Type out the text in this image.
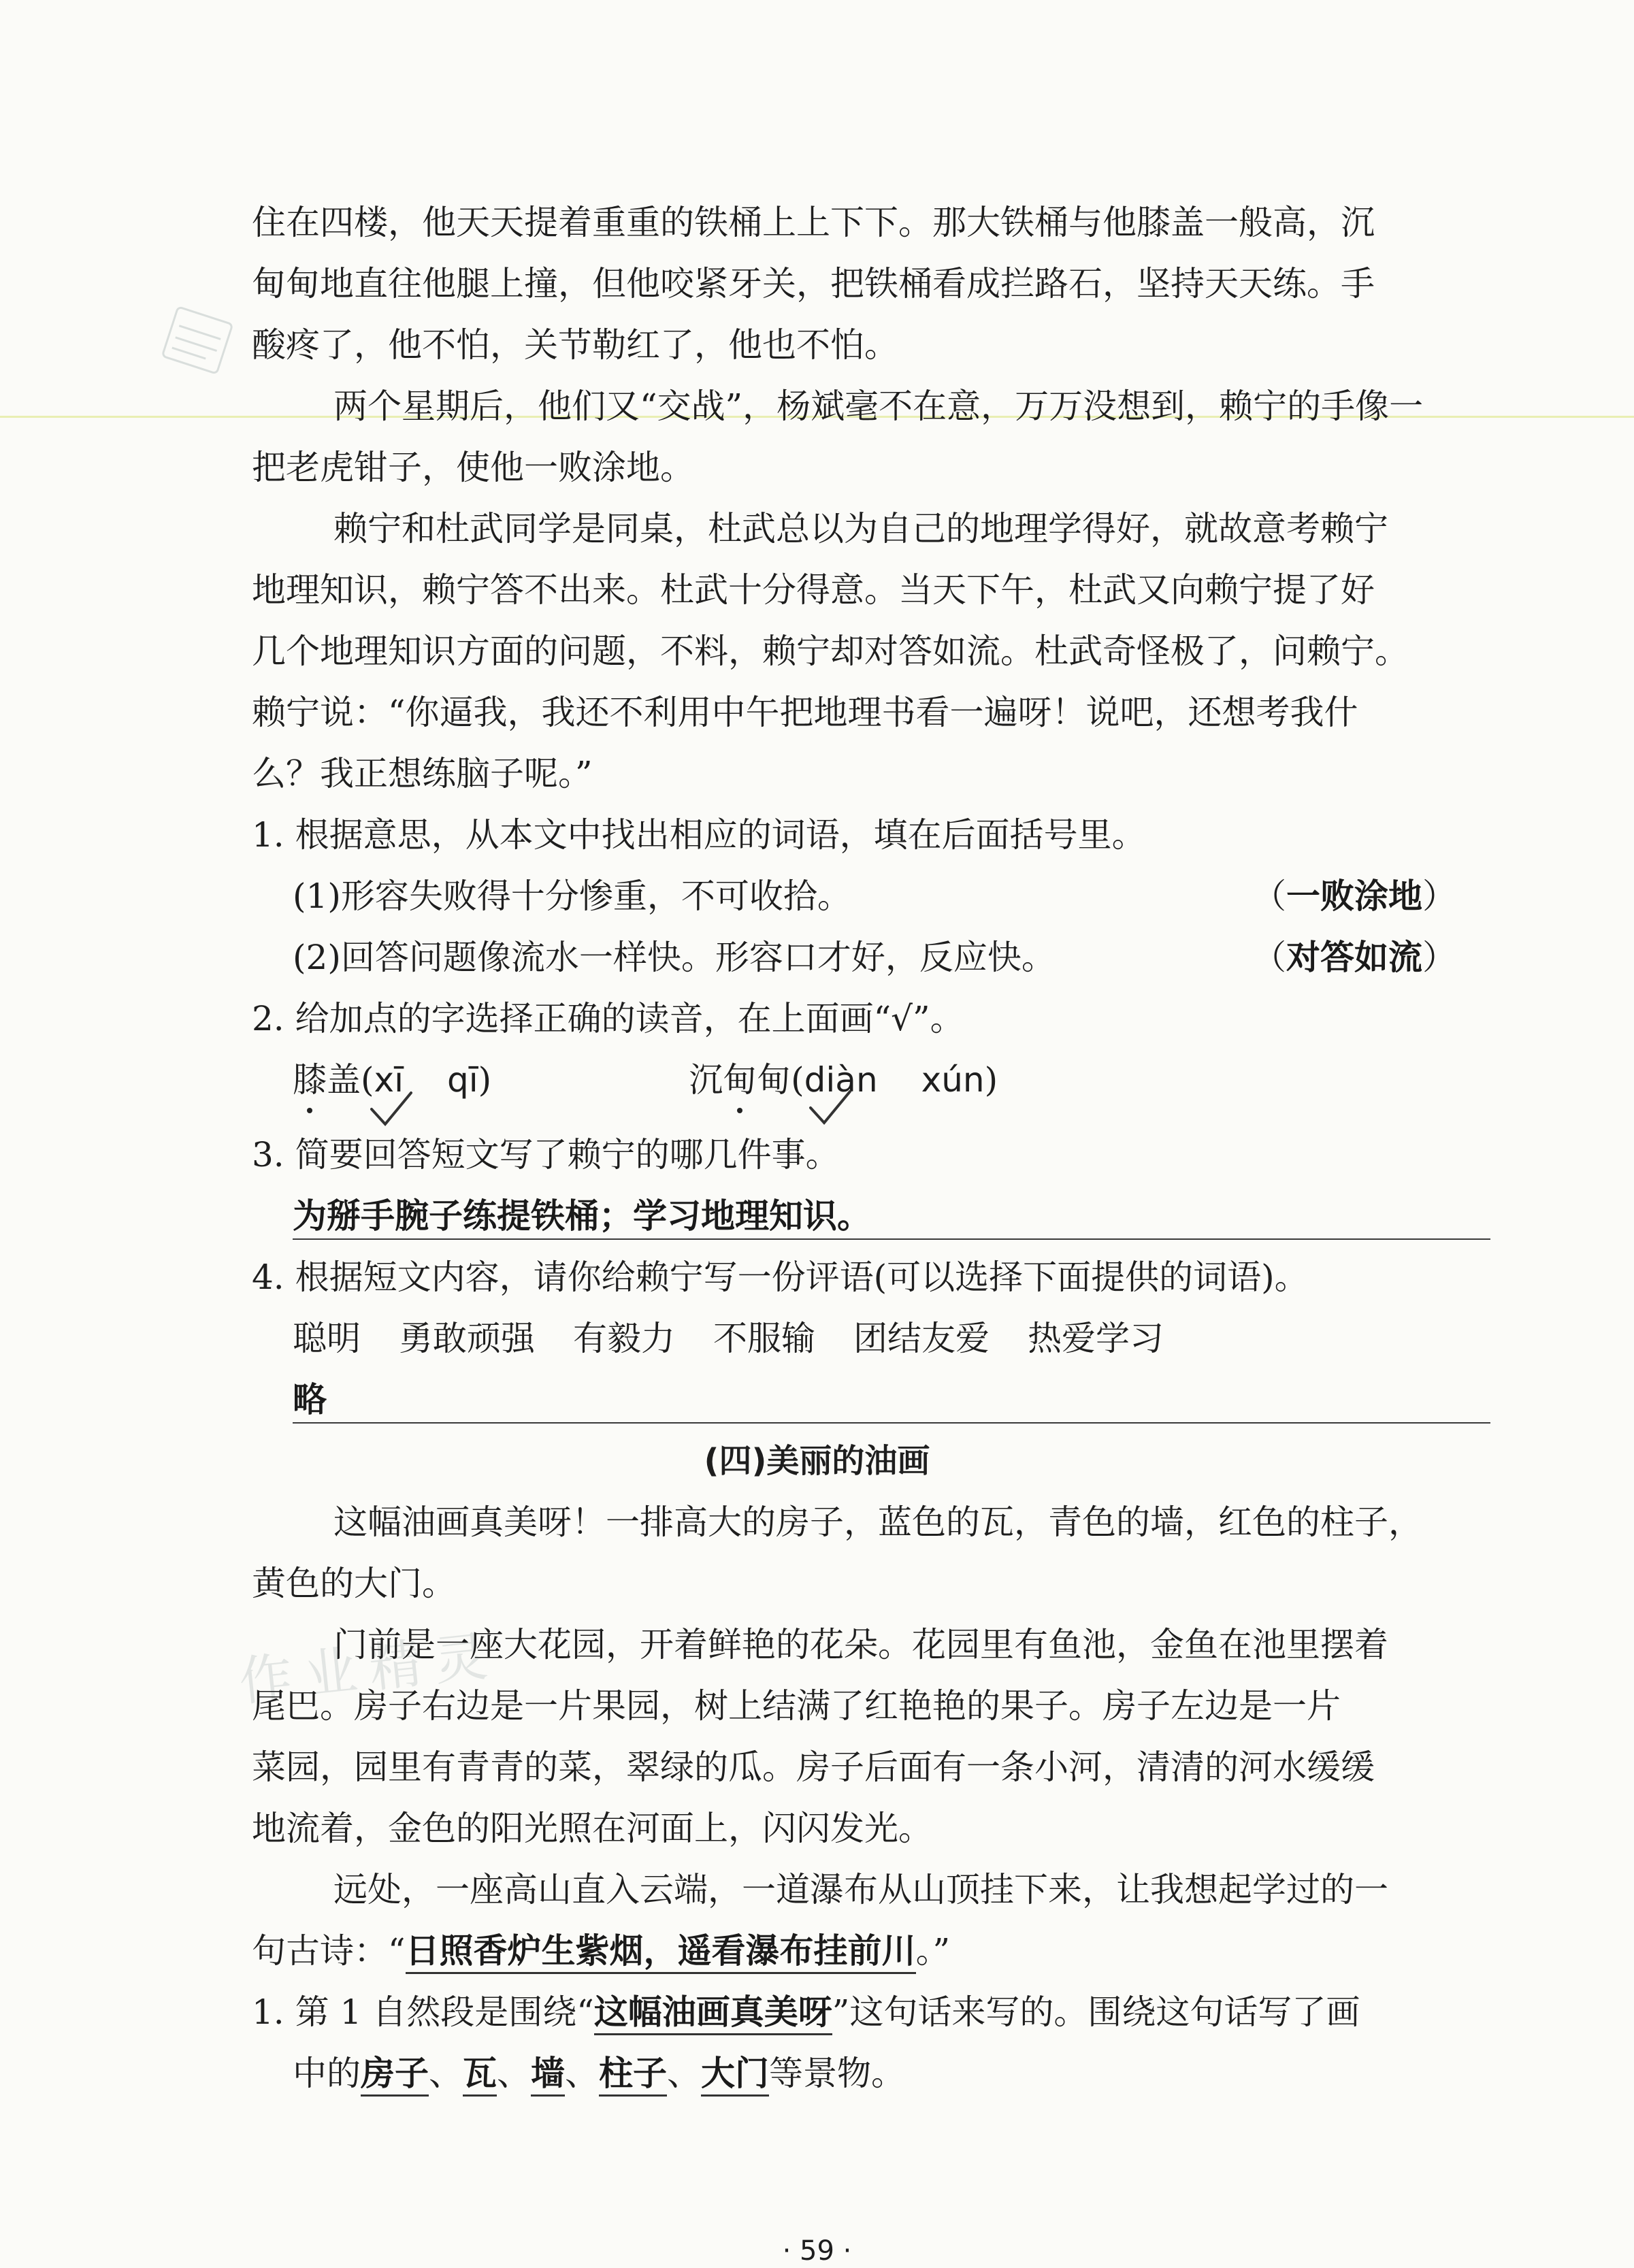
作业精灵
住在四楼，他天天提着重重的铁桶上上下下。那大铁桶与他膝盖一般高，沉
甸甸地直往他腿上撞，但他咬紧牙关，把铁桶看成拦路石，坚持天天练。手
酸疼了，他不怕，关节勒红了，他也不怕。
两个星期后，他们又“交战”，杨斌毫不在意，万万没想到，赖宁的手像一
把老虎钳子，使他一败涂地。
赖宁和杜武同学是同桌，杜武总以为自己的地理学得好，就故意考赖宁
地理知识，赖宁答不出来。杜武十分得意。当天下午，杜武又向赖宁提了好
几个地理知识方面的问题，不料，赖宁却对答如流。杜武奇怪极了，问赖宁。
赖宁说：“你逼我，我还不利用中午把地理书看一遍呀！说吧，还想考我什
么？我正想练脑子呢。”
1. 根据意思，从本文中找出相应的词语，填在后面括号里。
(1)形容失败得十分惨重，不可收拾。	（一败涂地）
(2)回答问题像流水一样快。形容口才好，反应快。	（对答如流）
2. 给加点的字选择正确的读音，在上面画“√”。
膝盖(xī qī)	沉甸甸(diàn xún)
3. 简要回答短文写了赖宁的哪几件事。
为掰手腕子练提铁桶；学习地理知识。
4. 根据短文内容，请你给赖宁写一份评语(可以选择下面提供的词语)。
聪明 勇敢顽强 有毅力 不服输 团结友爱 热爱学习
略
(四)美丽的油画
这幅油画真美呀！一排高大的房子，蓝色的瓦，青色的墙，红色的柱子，
黄色的大门。
门前是一座大花园，开着鲜艳的花朵。花园里有鱼池，金鱼在池里摆着
尾巴。房子右边是一片果园，树上结满了红艳艳的果子。房子左边是一片
菜园，园里有青青的菜，翠绿的瓜。房子后面有一条小河，清清的河水缓缓
地流着，金色的阳光照在河面上，闪闪发光。
远处，一座高山直入云端，一道瀑布从山顶挂下来，让我想起学过的一
句古诗：“日照香炉生紫烟，遥看瀑布挂前川。”
1. 第 1 自然段是围绕“这幅油画真美呀”这句话来写的。围绕这句话写了画
中的房子、瓦、墙、柱子、大门等景物。
· 59 ·
